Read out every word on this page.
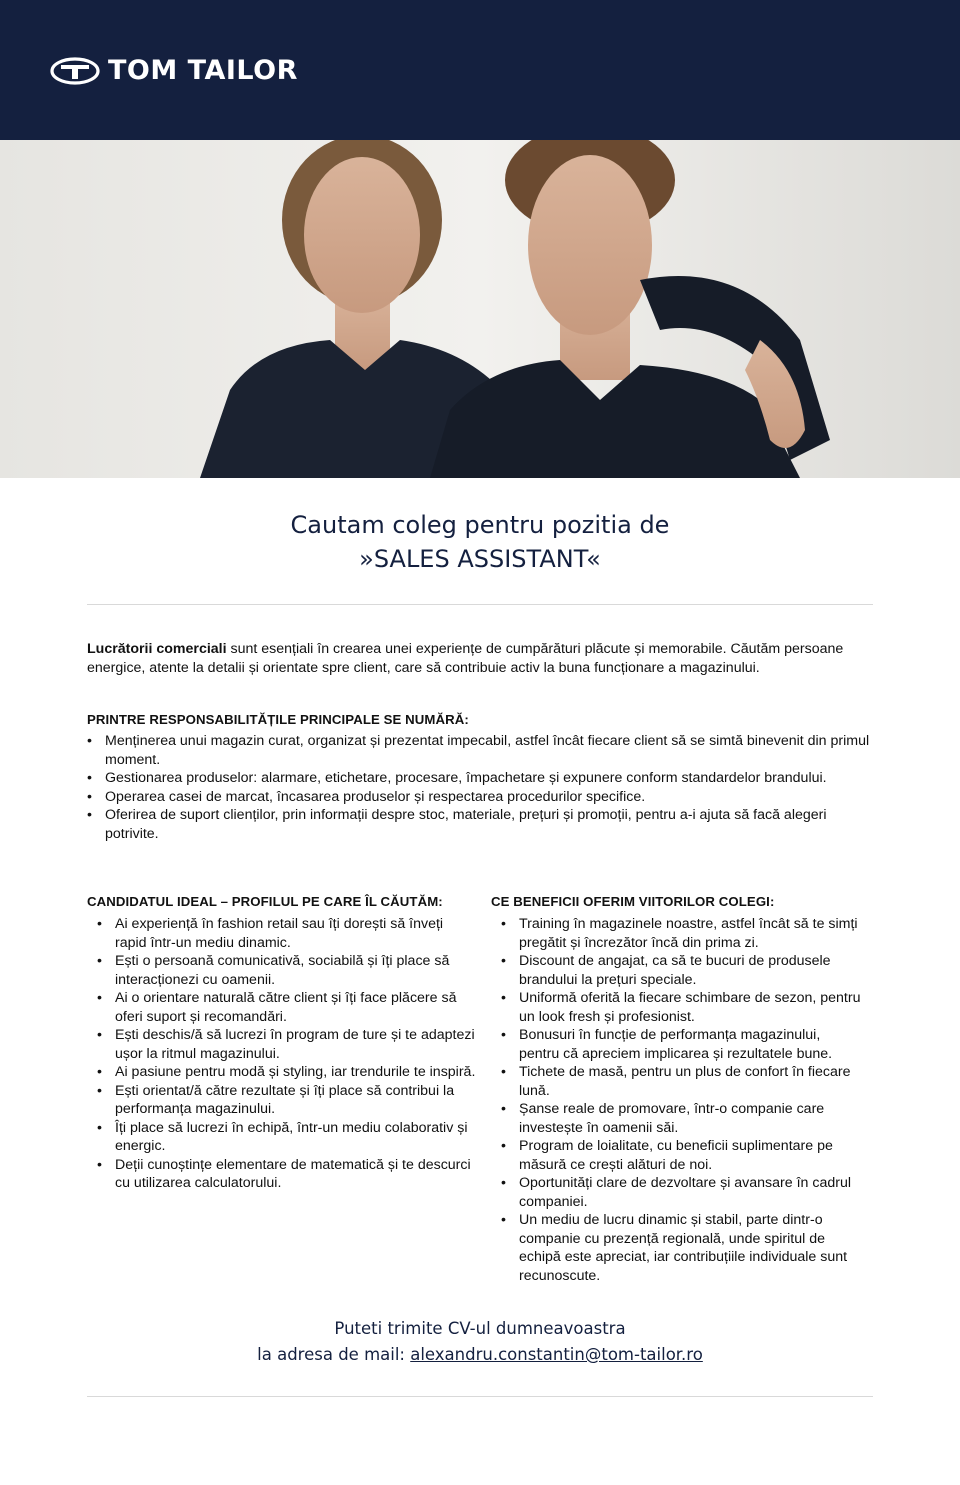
TOM TAILOR
Cautam coleg pentru pozitia de
»SALES ASSISTANT«
Lucrătorii comerciali sunt esențiali în crearea unei experiențe de cumpărături plăcute și memorabile. Căutăm persoane energice, atente la detalii și orientate spre client, care să contribuie activ la buna funcționare a magazinului.
PRINTRE RESPONSABILITĂȚILE PRINCIPALE SE NUMĂRĂ:
• Menținerea unui magazin curat, organizat și prezentat impecabil, astfel încât fiecare client să se simtă binevenit din primul moment.
• Gestionarea produselor: alarmare, etichetare, procesare, împachetare și expunere conform standardelor brandului.
• Operarea casei de marcat, încasarea produselor și respectarea procedurilor specifice.
• Oferirea de suport clienților, prin informații despre stoc, materiale, prețuri și promoții, pentru a-i ajuta să facă alegeri potrivite.
CANDIDATUL IDEAL – PROFILUL PE CARE ÎL CĂUTĂM:
• Ai experiență în fashion retail sau îți dorești să înveți rapid într-un mediu dinamic.
• Ești o persoană comunicativă, sociabilă și îți place să interacționezi cu oamenii.
• Ai o orientare naturală către client și îți face plăcere să oferi suport și recomandări.
• Ești deschis/ă să lucrezi în program de ture și te adaptezi ușor la ritmul magazinului.
• Ai pasiune pentru modă și styling, iar trendurile te inspiră.
• Ești orientat/ă către rezultate și îți place să contribui la performanța magazinului.
• Îți place să lucrezi în echipă, într-un mediu colaborativ și energic.
• Deții cunoștințe elementare de matematică și te descurci cu utilizarea calculatorului.
CE BENEFICII OFERIM VIITORILOR COLEGI:
• Training în magazinele noastre, astfel încât să te simți pregătit și încrezător încă din prima zi.
• Discount de angajat, ca să te bucuri de produsele brandului la prețuri speciale.
• Uniformă oferită la fiecare schimbare de sezon, pentru un look fresh și profesionist.
• Bonusuri în funcție de performanța magazinului, pentru că apreciem implicarea și rezultatele bune.
• Tichete de masă, pentru un plus de confort în fiecare lună.
• Șanse reale de promovare, într-o companie care investește în oamenii săi.
• Program de loialitate, cu beneficii suplimentare pe măsură ce crești alături de noi.
• Oportunități clare de dezvoltare și avansare în cadrul companiei.
• Un mediu de lucru dinamic și stabil, parte dintr-o companie cu prezență regională, unde spiritul de echipă este apreciat, iar contribuțiile individuale sunt recunoscute.
Puteti trimite CV-ul dumneavoastra
la adresa de mail: alexandru.constantin@tom-tailor.ro
